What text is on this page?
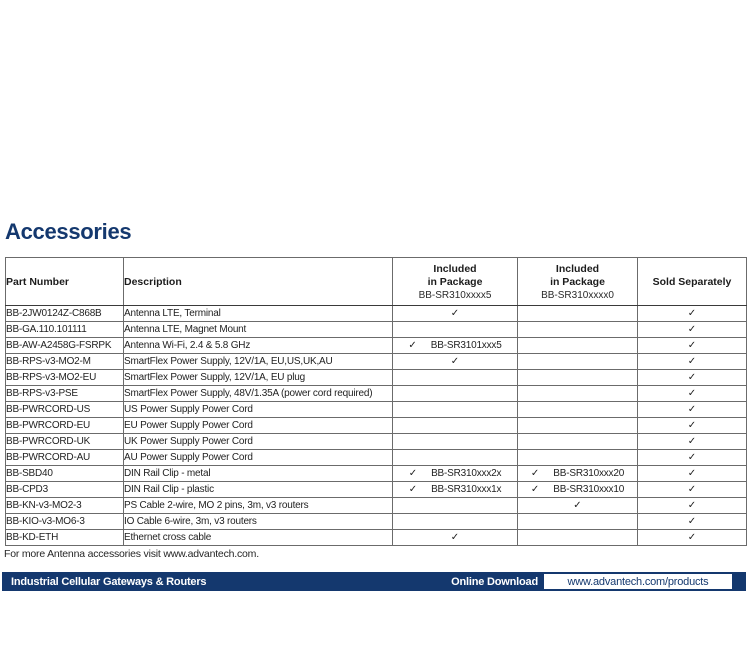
Accessories
Part Number	Description	Included
in Package
BB-SR310xxxx5	Included
in Package
BB-SR310xxxx0	Sold Separately
BB-2JW0124Z-C868B	Antenna LTE, Terminal	✓		✓

BB-GA.110.101111	Antenna LTE, Magnet Mount			✓

BB-AW-A2458G-FSRPK	Antenna Wi-Fi, 2.4 & 5.8 GHz	✓ BB-SR3101xxx5		✓

BB-RPS-v3-MO2-M	SmartFlex Power Supply, 12V/1A, EU,US,UK,AU	✓		✓

BB-RPS-v3-MO2-EU	SmartFlex Power Supply, 12V/1A, EU plug			✓

BB-RPS-v3-PSE	SmartFlex Power Supply, 48V/1.35A (power cord required)			✓

BB-PWRCORD-US	US Power Supply Power Cord			✓

BB-PWRCORD-EU	EU Power Supply Power Cord			✓

BB-PWRCORD-UK	UK Power Supply Power Cord			✓

BB-PWRCORD-AU	AU Power Supply Power Cord			✓

BB-SBD40	DIN Rail Clip - metal	✓ BB-SR310xxx2x	✓ BB-SR310xxx20	✓

BB-CPD3	DIN Rail Clip - plastic	✓ BB-SR310xxx1x	✓ BB-SR310xxx10	✓

BB-KN-v3-MO2-3	PS Cable 2-wire, MO 2 pins, 3m, v3 routers		✓	✓

BB-KIO-v3-MO6-3	IO Cable 6-wire, 3m, v3 routers			✓

BB-KD-ETH	Ethernet cross cable	✓		✓
For more Antenna accessories visit www.advantech.com.
Industrial Cellular Gateways & Routers	Online Download	www.advantech.com/products
